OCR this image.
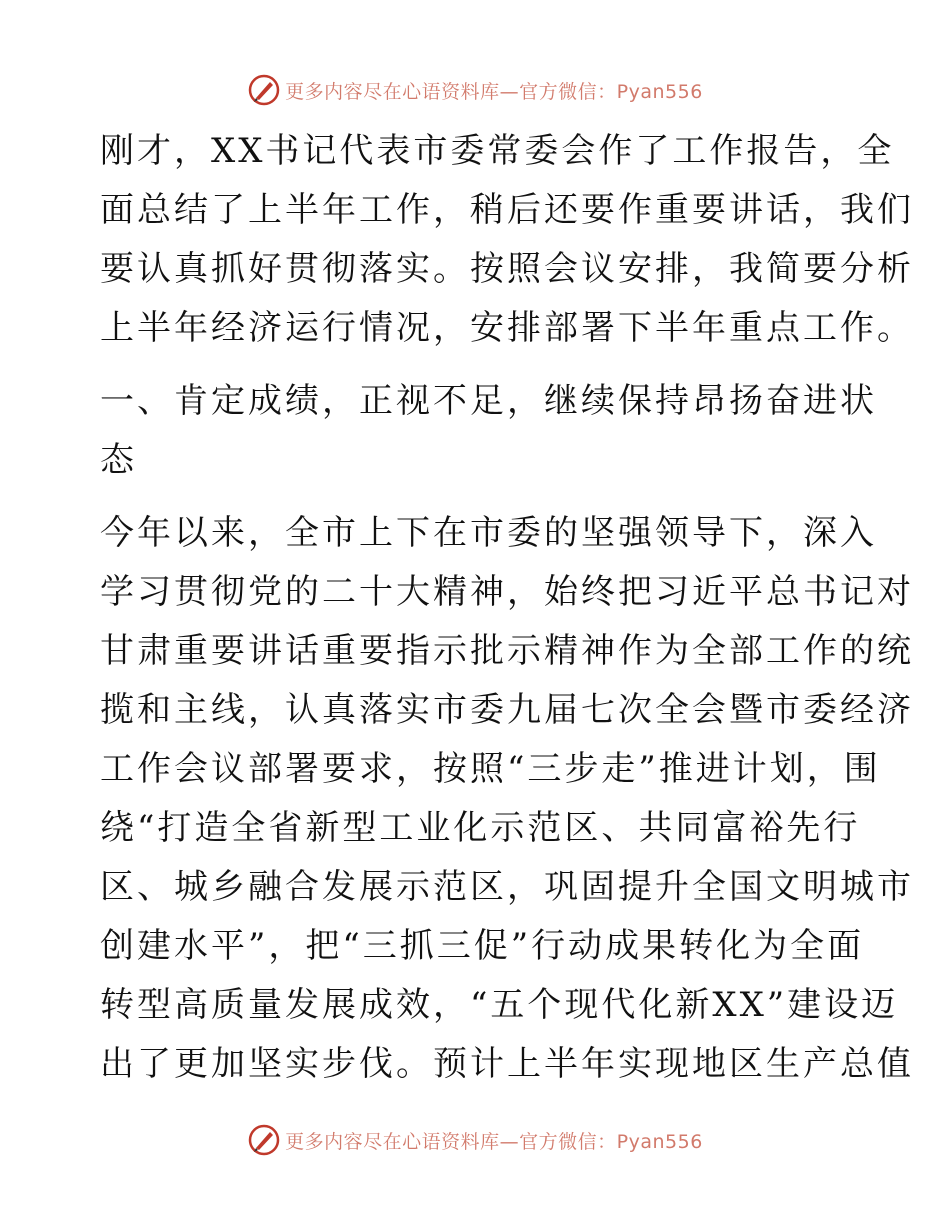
更多内容尽在心语资料库—官方微信：Pyan556

刚才，XX书记代表市委常委会作了工作报告，全
面总结了上半年工作，稍后还要作重要讲话，我们
要认真抓好贯彻落实。按照会议安排，我简要分析
上半年经济运行情况，安排部署下半年重点工作。

一、肯定成绩，正视不足，继续保持昂扬奋进状
态

今年以来，全市上下在市委的坚强领导下，深入
学习贯彻党的二十大精神，始终把习近平总书记对
甘肃重要讲话重要指示批示精神作为全部工作的统
揽和主线，认真落实市委九届七次全会暨市委经济
工作会议部署要求，按照“三步走”推进计划，围
绕“打造全省新型工业化示范区、共同富裕先行
区、城乡融合发展示范区，巩固提升全国文明城市
创建水平”，把“三抓三促”行动成果转化为全面
转型高质量发展成效，“五个现代化新XX”建设迈
出了更加坚实步伐。预计上半年实现地区生产总值

更多内容尽在心语资料库—官方微信：Pyan556
